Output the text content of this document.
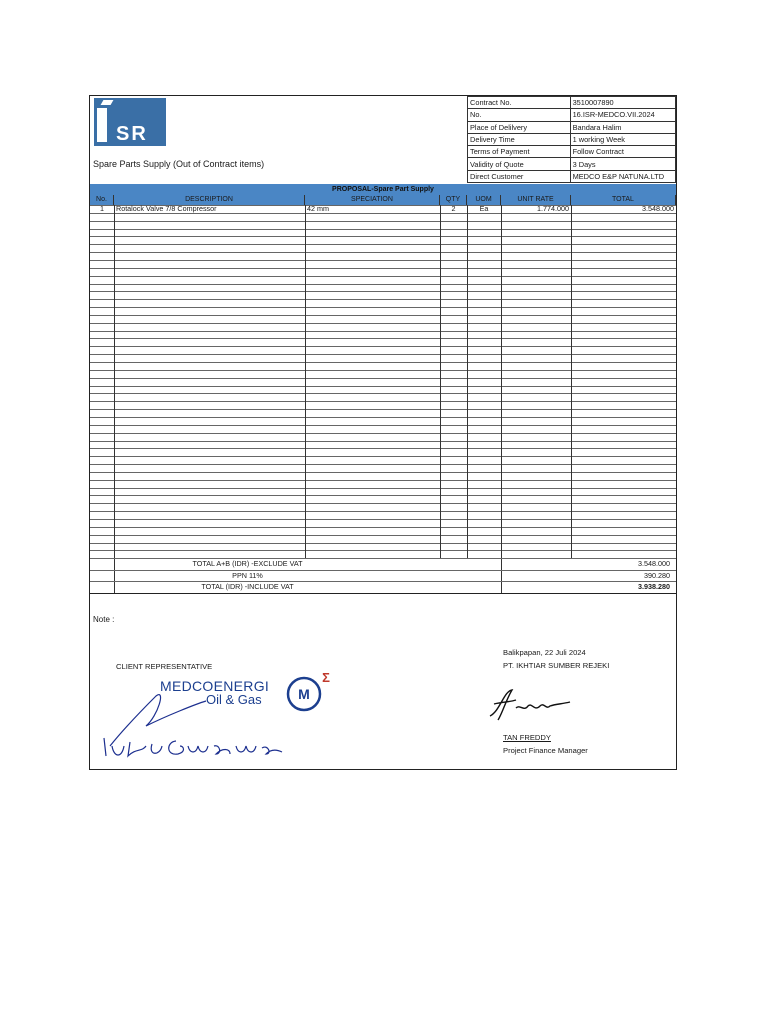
SR
Spare Parts Supply (Out of Contract items)
Contract No.	3510007890
No.	16.ISR-MEDCO.VII.2024
Place of Delilvery	Bandara Halim
Delivery Time	1 working Week
Terms of Payment	Follow Contract
Validity of Quote	3 Days
Direct Customer	MEDCO E&P NATUNA.LTD
PROPOSAL-Spare Part Supply
No.	DESCRIPTION	SPECIATION	QTY	UOM	UNIT RATE	TOTAL
1	Rotalock Valve 7/8 Compressor	42 mm	2	Ea	1.774.000	3.548.000
TOTAL A+B (IDR) -EXCLUDE VAT	3.548.000
PPN 11%	390.280
TOTAL (IDR) -INCLUDE VAT	3.938.280
Note :
CLIENT REPRESENTATIVE
MEDCOENERGI
Oil & Gas	M
Σ
Balikpapan, 22 Juli 2024
PT. IKHTIAR SUMBER REJEKI
TAN FREDDY
Project Finance Manager
